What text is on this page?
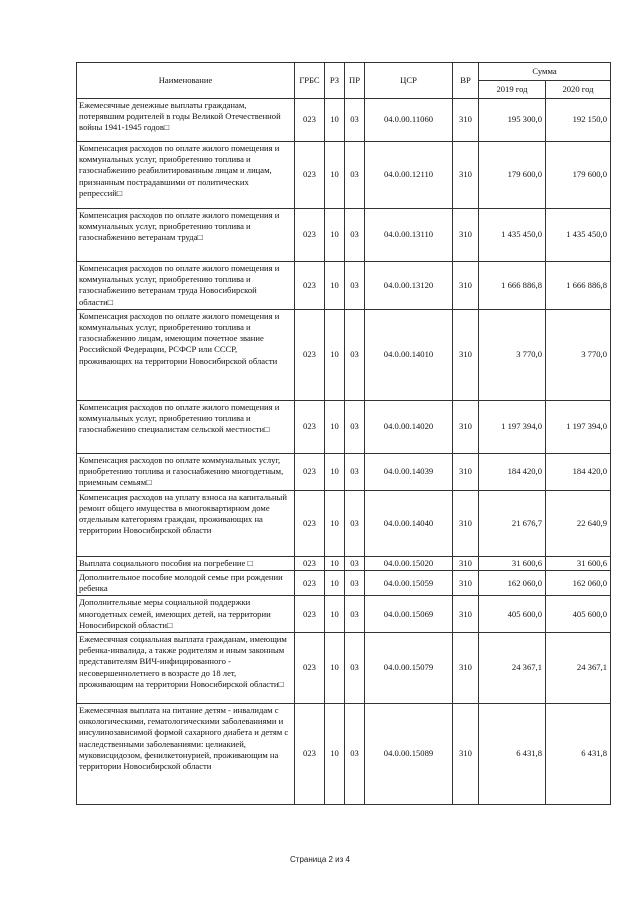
Наименование	ГРБС	РЗ	ПР	ЦСР	ВР	Сумма	
						2019 год	2020 год
Ежемесячные денежные выплаты гражданам, потерявшим родителей в годы Великой Отечественной войны 1941-1945 годов□	023	10	03	04.0.00.11060	310	195 300,0	192 150,0
Компенсация расходов по оплате жилого помещения и коммунальных услуг, приобретению топлива и газоснабжению реабилитированным лицам и лицам, признанным пострадавшими от политических репрессий□	023	10	03	04.0.00.12110	310	179 600,0	179 600,0
Компенсация расходов по оплате жилого помещения и коммунальных услуг, приобретению топлива и газоснабжению ветеранам труда□	023	10	03	04.0.00.13110	310	1 435 450,0	1 435 450,0
Компенсация расходов по оплате жилого помещения и коммунальных услуг, приобретению топлива и газоснабжению ветеранам труда Новосибирской области□	023	10	03	04.0.00.13120	310	1 666 886,8	1 666 886,8
Компенсация расходов по оплате жилого помещения и коммунальных услуг, приобретению топлива и газоснабжению лицам, имеющим почетное звание Российской Федерации, РСФСР или СССР, проживающих на территории Новосибирской области	023	10	03	04.0.00.14010	310	3 770,0	3 770,0
Компенсация расходов по оплате жилого помещения и коммунальных услуг, приобретению топлива и газоснабжению специалистам сельской местности□	023	10	03	04.0.00.14020	310	1 197 394,0	1 197 394,0
Компенсация расходов по оплате коммунальных услуг, приобретению топлива и газоснабжению многодетным, приемным семьям□	023	10	03	04.0.00.14039	310	184 420,0	184 420,0
Компенсация расходов на уплату взноса на капитальный ремонт общего имущества в многоквартирном доме отдельным категориям граждан, проживающих на территории Новосибирской области	023	10	03	04.0.00.14040	310	21 676,7	22 640,9
Выплата социального пособия на погребение □	023	10	03	04.0.00.15020	310	31 600,6	31 600,6
Дополнительное пособие молодой семье при рождении ребенка	023	10	03	04.0.00.15059	310	162 060,0	162 060,0
Дополнительные меры социальной поддержки многодетных семей, имеющих детей, на территории Новосибирской области□	023	10	03	04.0.00.15069	310	405 600,0	405 600,0
Ежемесячная социальная выплата гражданам, имеющим ребенка-инвалида, а также родителям и иным законным представителям ВИЧ-инфицированного - несовершеннолетнего в возрасте до 18 лет, проживающим на территории Новосибирской области□	023	10	03	04.0.00.15079	310	24 367,1	24 367,1
Ежемесячная выплата на питание детям - инвалидам с онкологическими, гематологическими заболеваниями и инсулинозависимой формой сахарного диабета и детям с наследственными заболеваниями: целиакией, муковисцидозом, фенилкетонурией, проживающим на территории Новосибирской области	023	10	03	04.0.00.15089	310	6 431,8	6 431,8
Страница 2 из 4
